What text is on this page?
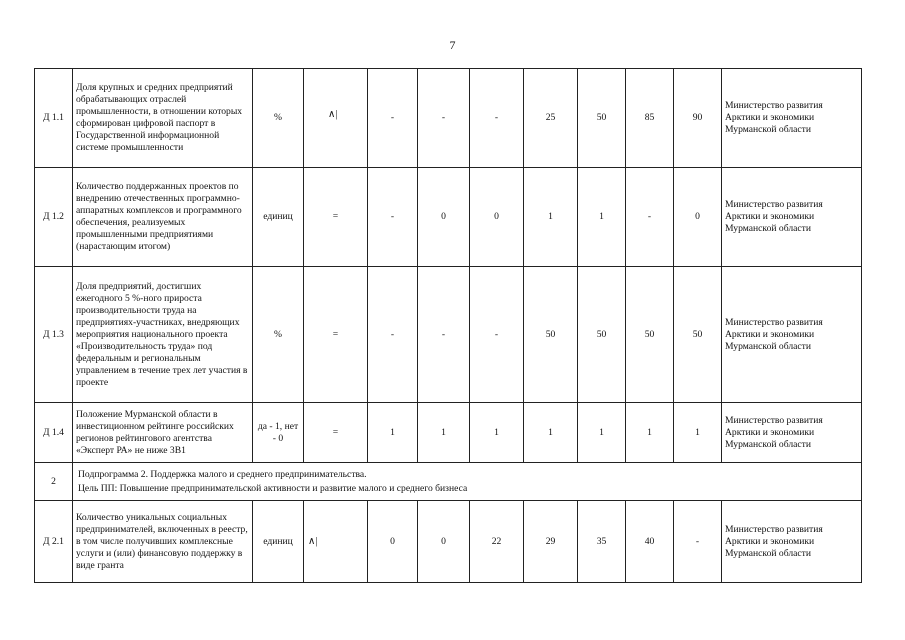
7
Д 1.1	Доля крупных и средних предприятий обрабатывающих отраслей промышленности, в отношении которых сформирован цифровой паспорт в Государственной информационной системе промышленности	%	∧|	-	-	-	25	50	85	90	Министерство развития Арктики и экономики Мурманской области
Д 1.2	Количество поддержанных проектов по внедрению отечественных программно-аппаратных комплексов и программного обеспечения, реализуемых промышленными предприятиями (нарастающим итогом)	единиц	=	-	0	0	1	1	-	0	Министерство развития Арктики и экономики Мурманской области
Д 1.3	Доля предприятий, достигших ежегодного 5 %-ного прироста производительности труда на предприятиях-участниках, внедряющих мероприятия национального проекта «Производительность труда» под федеральным и региональным управлением в течение трех лет участия в проекте	%	=	-	-	-	50	50	50	50	Министерство развития Арктики и экономики Мурманской области
Д 1.4	Положение Мурманской области в инвестиционном рейтинге российских регионов рейтингового агентства «Эксперт РА» не ниже 3В1	да - 1, нет - 0	=	1	1	1	1	1	1	1	Министерство развития Арктики и экономики Мурманской области
2	Подпрограмма 2. Поддержка малого и среднего предпринимательства.
Цель ПП: Повышение предпринимательской активности и развитие малого и среднего бизнеса										

Д 2.1	Количество уникальных социальных предпринимателей, включенных в реестр, в том числе получивших комплексные услуги и (или) финансовую поддержку в виде гранта	единиц	∧|	0	0	22	29	35	40	-	Министерство развития Арктики и экономики Мурманской области
